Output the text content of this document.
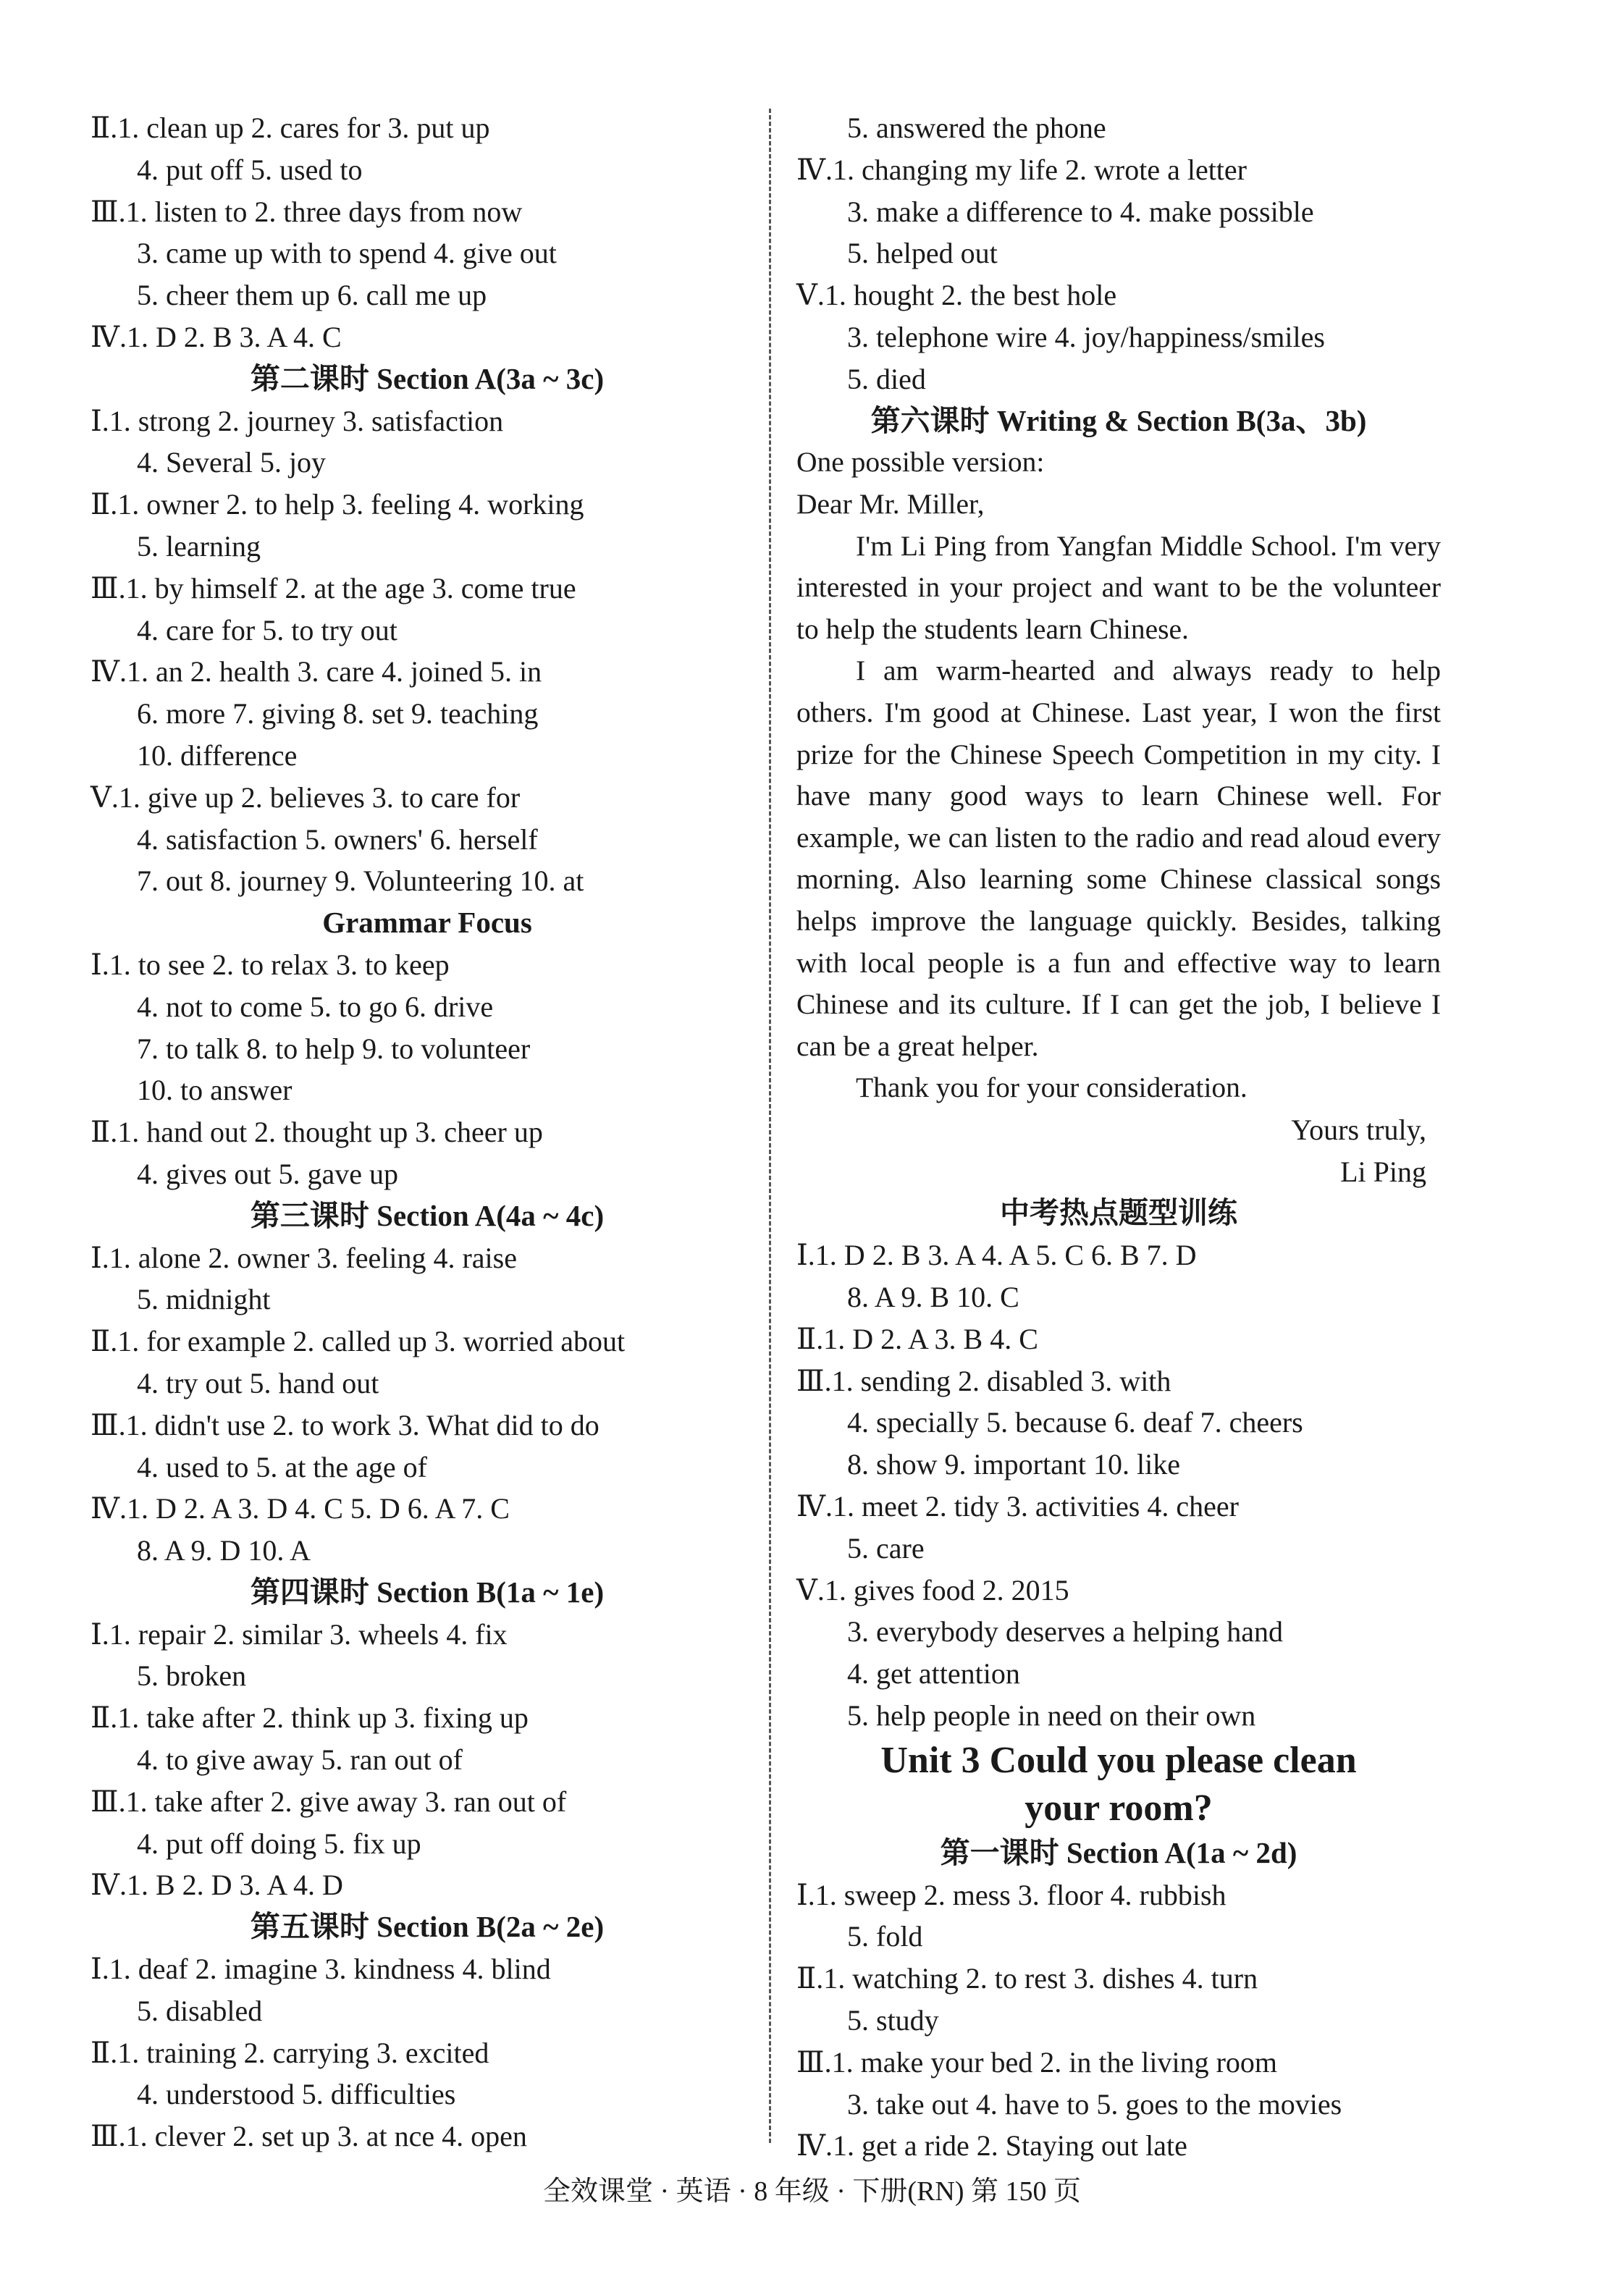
Ⅱ.1. clean up 2. cares for 3. put up
4. put off 5. used to
Ⅲ.1. listen to 2. three days from now
3. came up with to spend 4. give out
5. cheer them up 6. call me up
Ⅳ.1. D 2. B 3. A 4. C
第二课时 Section A(3a ~ 3c)
Ⅰ.1. strong 2. journey 3. satisfaction
4. Several 5. joy
Ⅱ.1. owner 2. to help 3. feeling 4. working
5. learning
Ⅲ.1. by himself 2. at the age 3. come true
4. care for 5. to try out
Ⅳ.1. an 2. health 3. care 4. joined 5. in
6. more 7. giving 8. set 9. teaching
10. difference
Ⅴ.1. give up 2. believes 3. to care for
4. satisfaction 5. owners' 6. herself
7. out 8. journey 9. Volunteering 10. at
Grammar Focus
Ⅰ.1. to see 2. to relax 3. to keep
4. not to come 5. to go 6. drive
7. to talk 8. to help 9. to volunteer
10. to answer
Ⅱ.1. hand out 2. thought up 3. cheer up
4. gives out 5. gave up
第三课时 Section A(4a ~ 4c)
Ⅰ.1. alone 2. owner 3. feeling 4. raise
5. midnight
Ⅱ.1. for example 2. called up 3. worried about
4. try out 5. hand out
Ⅲ.1. didn't use 2. to work 3. What did to do
4. used to 5. at the age of
Ⅳ.1. D 2. A 3. D 4. C 5. D 6. A 7. C
8. A 9. D 10. A
第四课时 Section B(1a ~ 1e)
Ⅰ.1. repair 2. similar 3. wheels 4. fix
5. broken
Ⅱ.1. take after 2. think up 3. fixing up
4. to give away 5. ran out of
Ⅲ.1. take after 2. give away 3. ran out of
4. put off doing 5. fix up
Ⅳ.1. B 2. D 3. A 4. D
第五课时 Section B(2a ~ 2e)
Ⅰ.1. deaf 2. imagine 3. kindness 4. blind
5. disabled
Ⅱ.1. training 2. carrying 3. excited
4. understood 5. difficulties
Ⅲ.1. clever 2. set up 3. at nce 4. open
5. answered the phone
Ⅳ.1. changing my life 2. wrote a letter
3. make a difference to 4. make possible
5. helped out
Ⅴ.1. hought 2. the best hole
3. telephone wire 4. joy/happiness/smiles
5. died
第六课时 Writing & Section B(3a、3b)

One possible version:

Dear Mr. Miller,

I'm Li Ping from Yangfan Middle School. I'm very interested in your project and want to be the volunteer to help the students learn Chinese.

I am warm-hearted and always ready to help others. I'm good at Chinese. Last year, I won the first prize for the Chinese Speech Competition in my city. I have many good ways to learn Chinese well. For example, we can listen to the radio and read aloud every morning. Also learning some Chinese classical songs helps improve the language quickly. Besides, talking with local people is a fun and effective way to learn Chinese and its culture. If I can get the job, I believe I can be a great helper.

Thank you for your consideration.

Yours truly,
Li Ping
中考热点题型训练
Ⅰ.1. D 2. B 3. A 4. A 5. C 6. B 7. D
8. A 9. B 10. C
Ⅱ.1. D 2. A 3. B 4. C
Ⅲ.1. sending 2. disabled 3. with
4. specially 5. because 6. deaf 7. cheers
8. show 9. important 10. like
Ⅳ.1. meet 2. tidy 3. activities 4. cheer
5. care
Ⅴ.1. gives food 2. 2015
3. everybody deserves a helping hand
4. get attention
5. help people in need on their own
Unit 3 Could you please clean
your room?
第一课时 Section A(1a ~ 2d)
Ⅰ.1. sweep 2. mess 3. floor 4. rubbish
5. fold
Ⅱ.1. watching 2. to rest 3. dishes 4. turn
5. study
Ⅲ.1. make your bed 2. in the living room
3. take out 4. have to 5. goes to the movies
Ⅳ.1. get a ride 2. Staying out late
全效课堂 · 英语 · 8 年级 · 下册(RN) 第 150 页
